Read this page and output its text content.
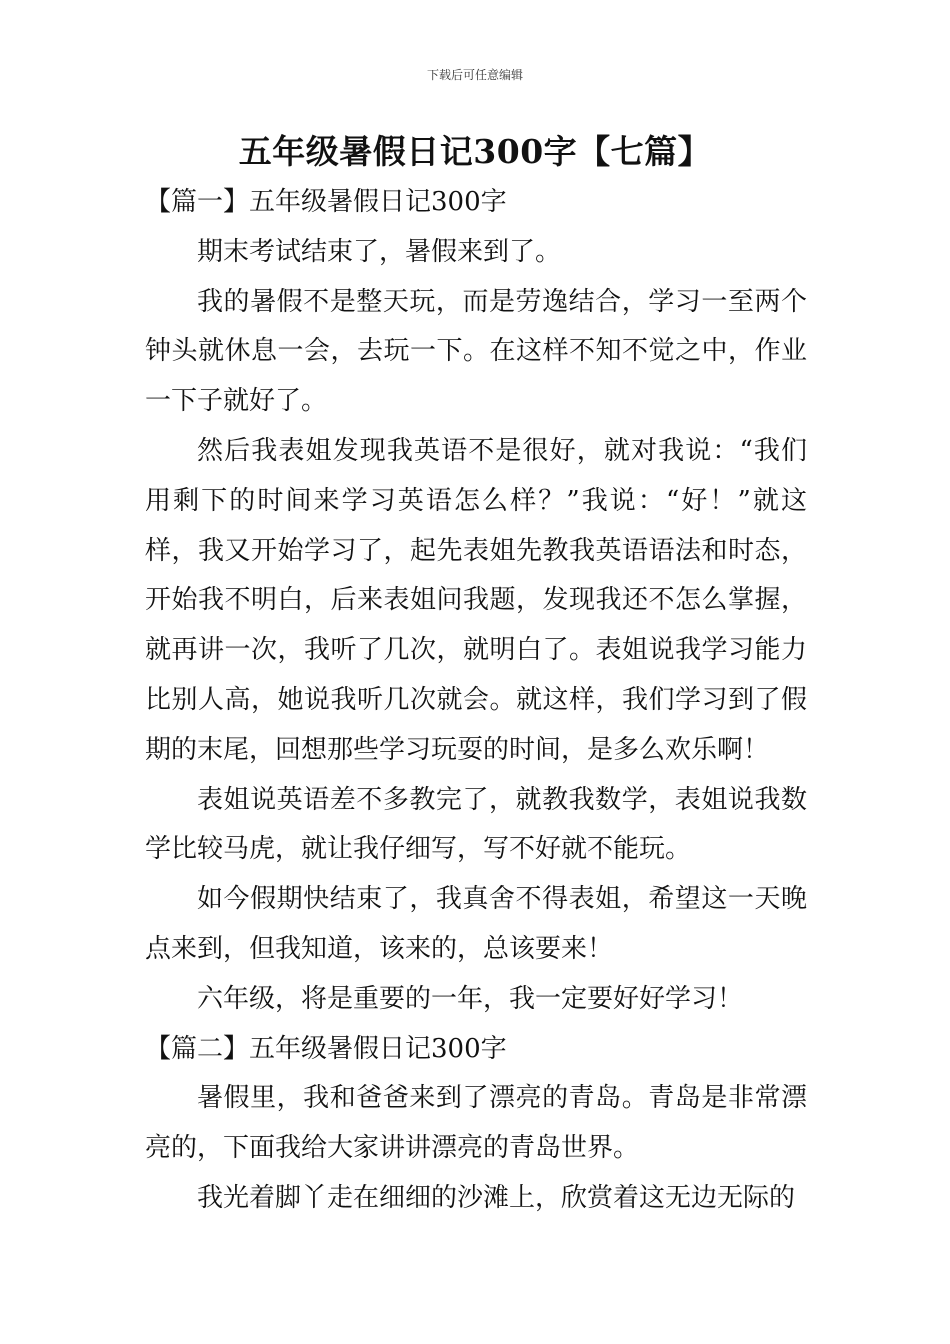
下载后可任意编辑
五年级暑假日记300字【七篇】

【篇一】五年级暑假日记300字

期末考试结束了，暑假来到了。

我的暑假不是整天玩，而是劳逸结合，学习一至两个钟头就休息一会，去玩一下。在这样不知不觉之中，作业一下子就好了。

然后我表姐发现我英语不是很好，就对我说：“我们用剩下的时间来学习英语怎么样？”我说：“好！”就这样，我又开始学习了，起先表姐先教我英语语法和时态，开始我不明白，后来表姐问我题，发现我还不怎么掌握，就再讲一次，我听了几次，就明白了。表姐说我学习能力比别人高，她说我听几次就会。就这样，我们学习到了假期的末尾，回想那些学习玩耍的时间，是多么欢乐啊！

表姐说英语差不多教完了，就教我数学，表姐说我数学比较马虎，就让我仔细写，写不好就不能玩。

如今假期快结束了，我真舍不得表姐，希望这一天晚点来到，但我知道，该来的，总该要来！

六年级，将是重要的一年，我一定要好好学习！

【篇二】五年级暑假日记300字

暑假里，我和爸爸来到了漂亮的青岛。青岛是非常漂亮的，下面我给大家讲讲漂亮的青岛世界。

我光着脚丫走在细细的沙滩上，欣赏着这无边无际的
